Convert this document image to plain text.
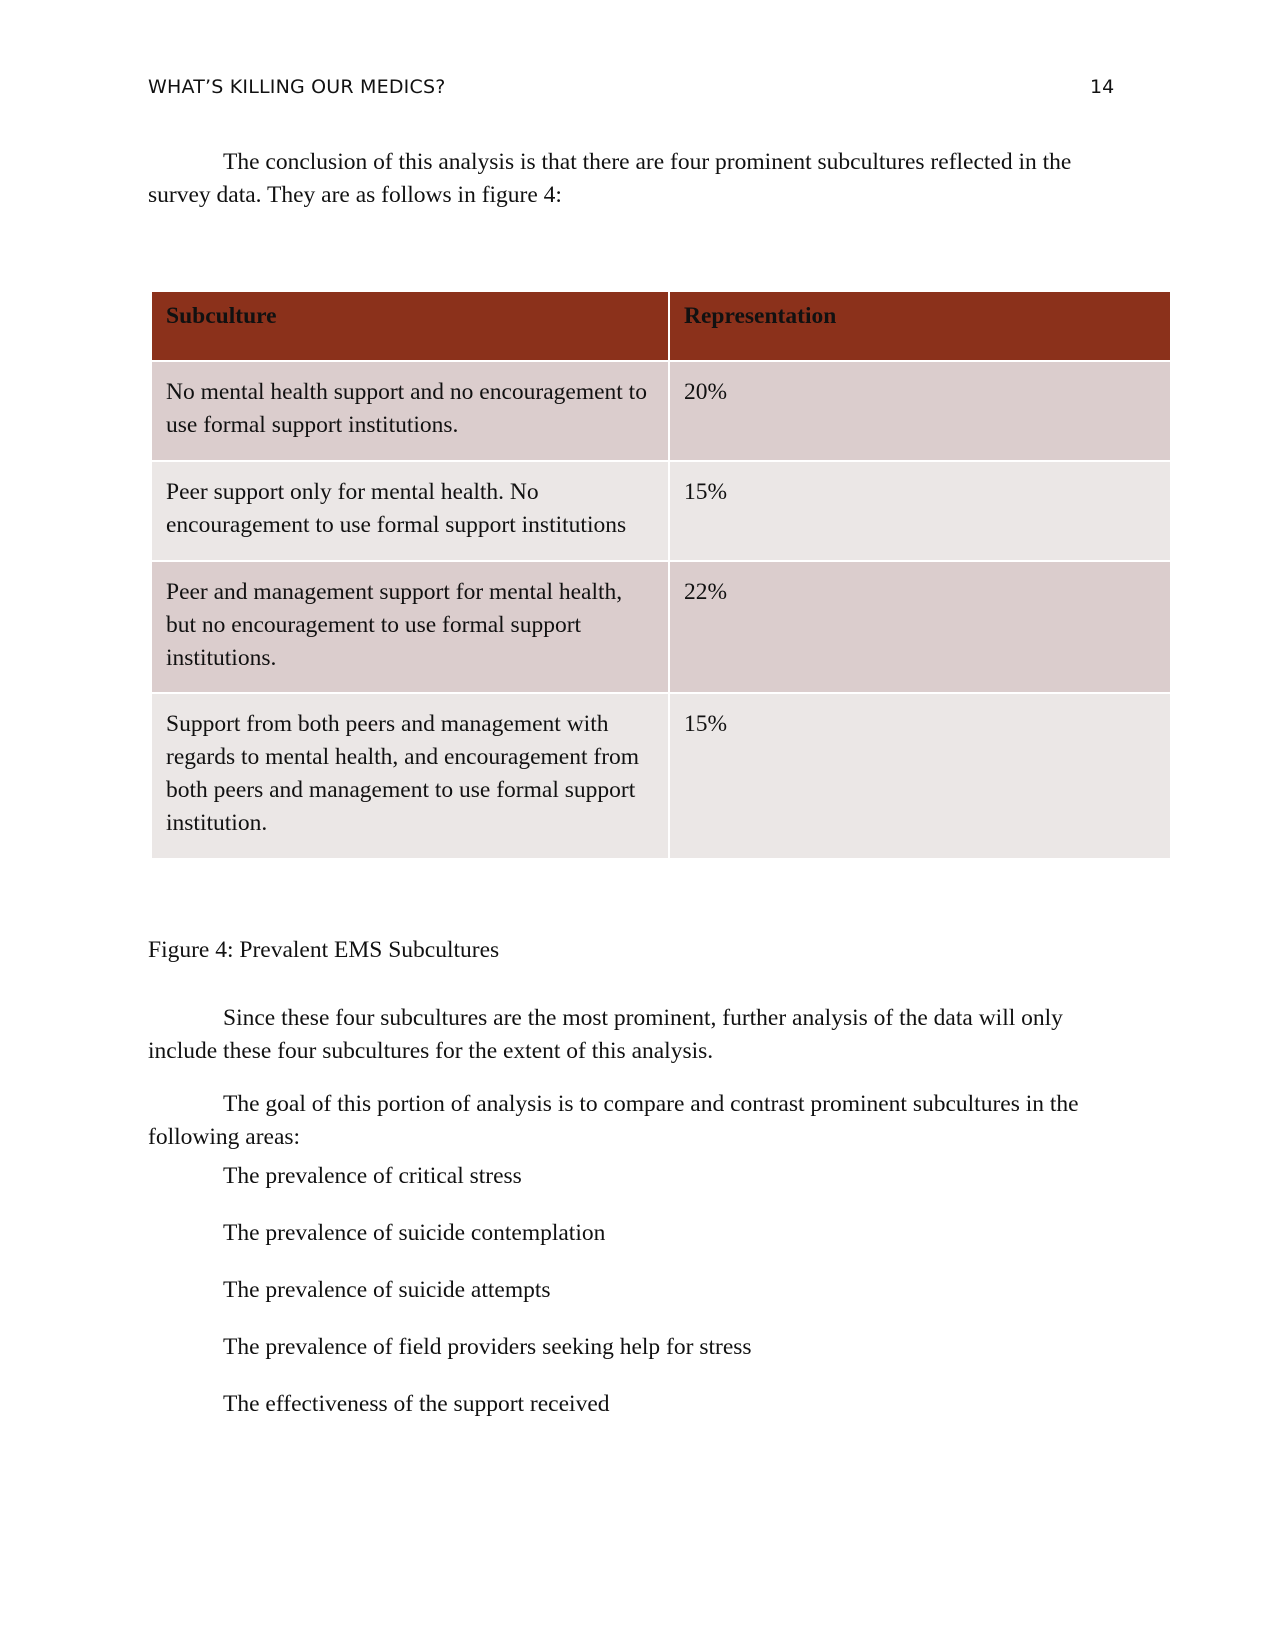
WHAT’S KILLING OUR MEDICS?	14

The conclusion of this analysis is that there are four prominent subcultures reflected in the survey data. They are as follows in figure 4:

Subculture	Representation
No mental health support and no encouragement to use formal support institutions.	20%
Peer support only for mental health. No encouragement to use formal support institutions	15%
Peer and management support for mental health, but no encouragement to use formal support institutions.	22%
Support from both peers and management with regards to mental health, and encouragement from both peers and management to use formal support institution.	15%

Figure 4: Prevalent EMS Subcultures

Since these four subcultures are the most prominent, further analysis of the data will only include these four subcultures for the extent of this analysis.

The goal of this portion of analysis is to compare and contrast prominent subcultures in the following areas:

The prevalence of critical stress
The prevalence of suicide contemplation
The prevalence of suicide attempts
The prevalence of field providers seeking help for stress
The effectiveness of the support received
